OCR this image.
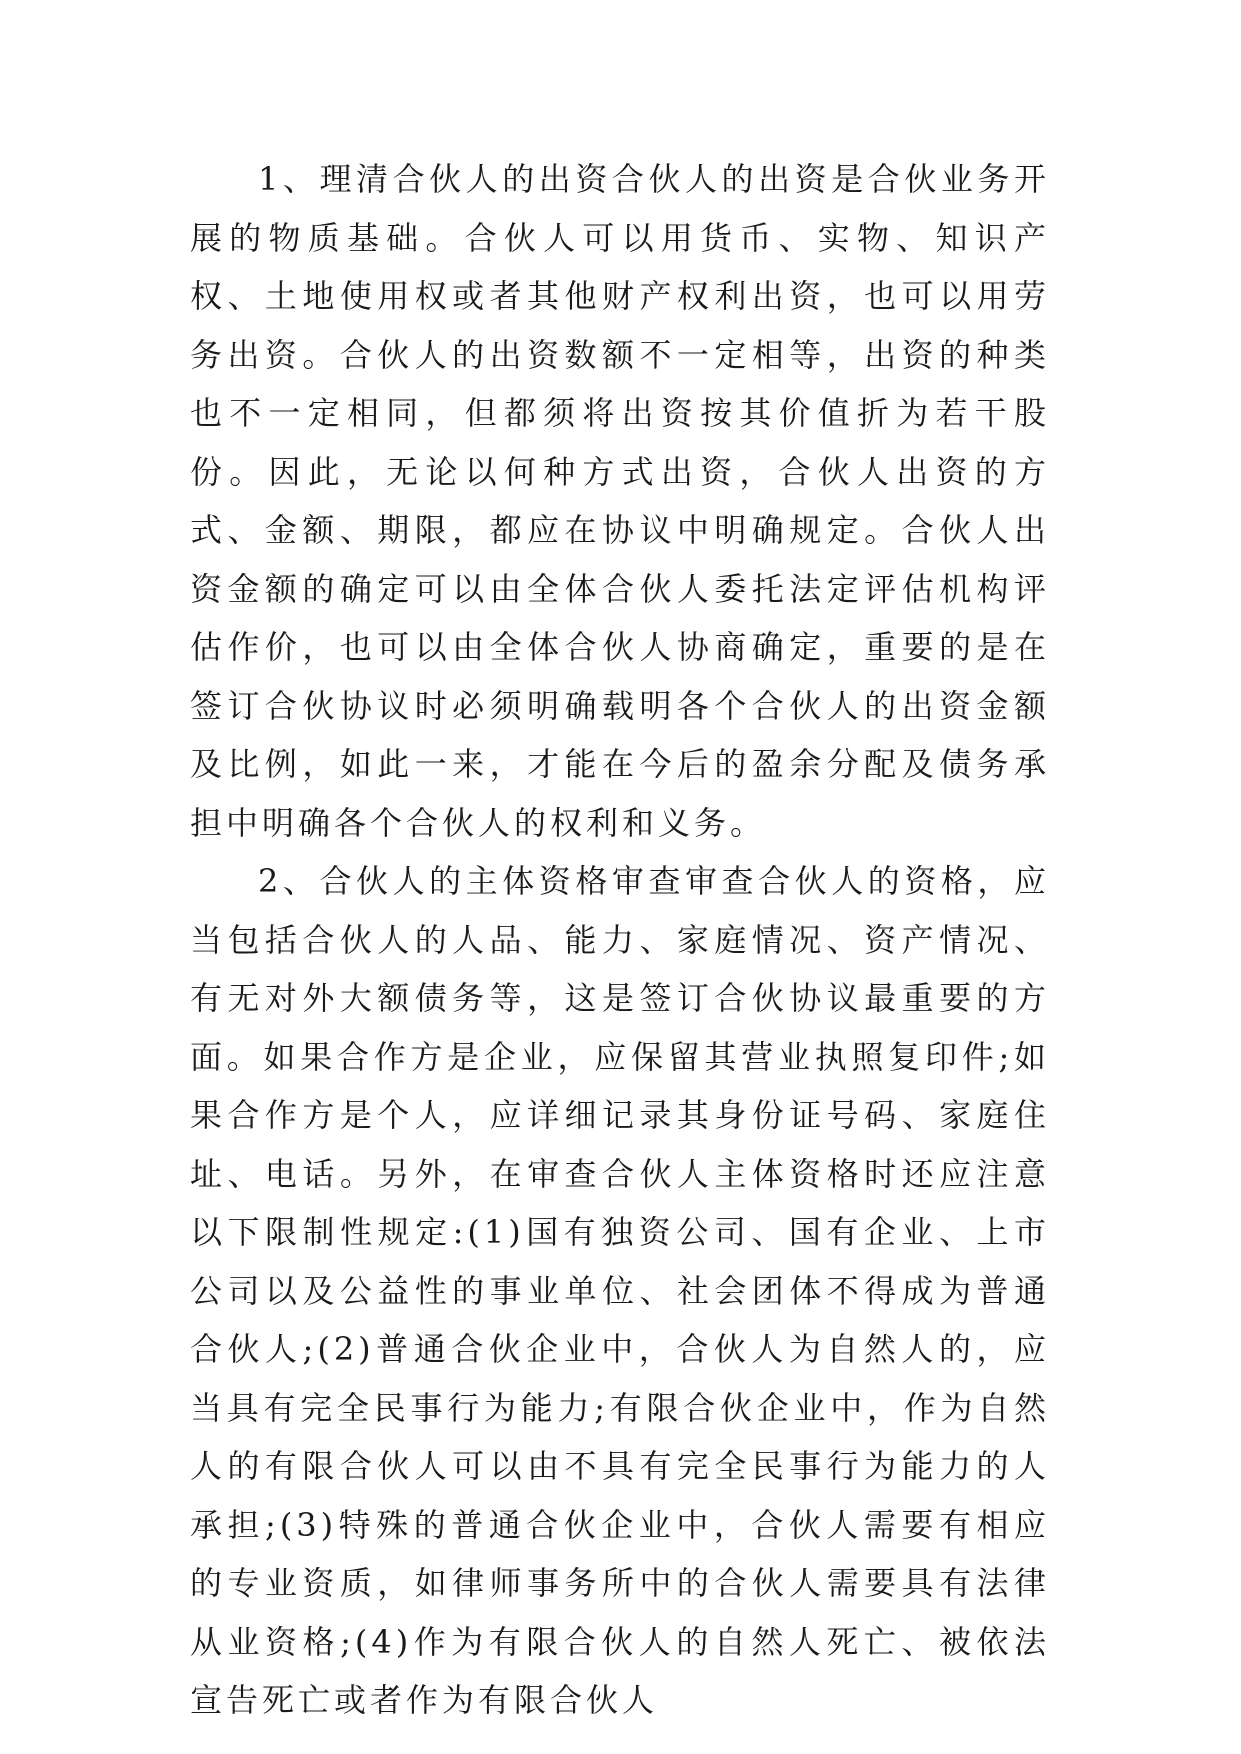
1、理清合伙人的出资合伙人的出资是合伙业务开展的物质基础。合伙人可以用货币、实物、知识产权、土地使用权或者其他财产权利出资，也可以用劳务出资。合伙人的出资数额不一定相等，出资的种类也不一定相同，但都须将出资按其价值折为若干股份。因此，无论以何种方式出资，合伙人出资的方式、金额、期限，都应在协议中明确规定。合伙人出资金额的确定可以由全体合伙人委托法定评估机构评估作价，也可以由全体合伙人协商确定，重要的是在签订合伙协议时必须明确载明各个合伙人的出资金额及比例，如此一来，才能在今后的盈余分配及债务承担中明确各个合伙人的权利和义务。

2、合伙人的主体资格审查审查合伙人的资格，应当包括合伙人的人品、能力、家庭情况、资产情况、有无对外大额债务等，这是签订合伙协议最重要的方面。如果合作方是企业，应保留其营业执照复印件;如果合作方是个人，应详细记录其身份证号码、家庭住址、电话。另外，在审查合伙人主体资格时还应注意以下限制性规定:(1)国有独资公司、国有企业、上市公司以及公益性的事业单位、社会团体不得成为普通合伙人;(2)普通合伙企业中，合伙人为自然人的，应当具有完全民事行为能力;有限合伙企业中，作为自然人的有限合伙人可以由不具有完全民事行为能力的人承担;(3)特殊的普通合伙企业中，合伙人需要有相应的专业资质，如律师事务所中的合伙人需要具有法律从业资格;(4)作为有限合伙人的自然人死亡、被依法宣告死亡或者作为有限合伙人
